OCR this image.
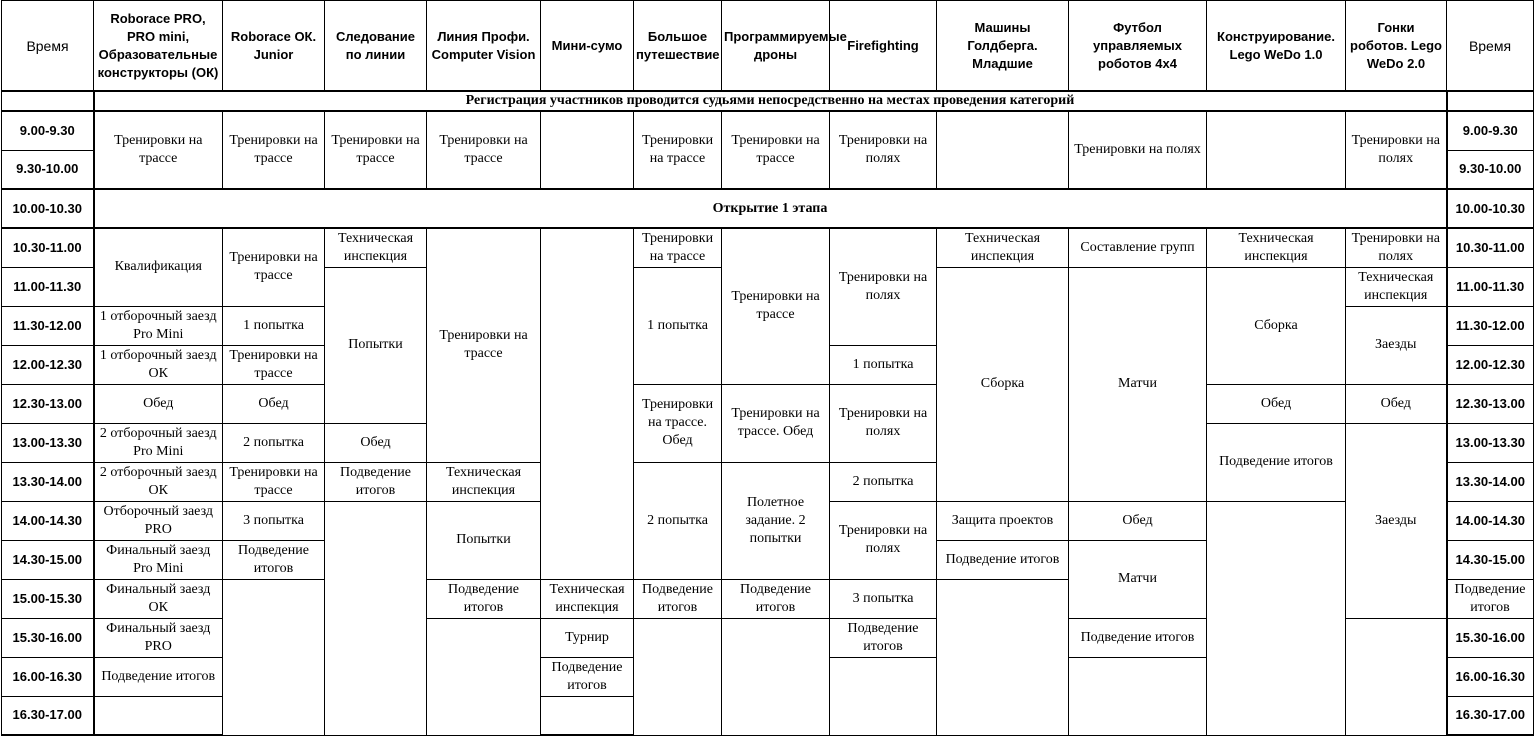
Время	Roborace PRO, PRO mini, Образовательные конструкторы (ОК)	Roborace ОК. Junior	Следование по линии	Линия Профи. Computer Vision	Мини-сумо	Большое путешествие	Программируемые дроны	Firefighting	Машины Голдберга. Младшие	Футбол управляемых роботов 4x4	Конструирование. Lego WeDo 1.0	Гонки роботов. Lego WeDo 2.0	Время	
	Регистрация участников проводится судьями непосредственно на местах проведения категорий													
9.00-9.30	Тренировки на трассе	Тренировки на трассе	Тренировки на трассе	Тренировки на трассе		Тренировки на трассе	Тренировки на трассе	Тренировки на полях		Тренировки на полях		Тренировки на полях	9.00-9.30	
9.30-10.00													9.30-10.00	
10.00-10.30	Открытие 1 этапа												10.00-10.30	
10.30-11.00	Квалификация	Тренировки на трассе	Техническая инспекция	Тренировки на трассе		Тренировки на трассе	Тренировки на трассе	Тренировки на полях	Техническая инспекция	Составление групп	Техническая инспекция	Тренировки на полях	10.30-11.00	
11.00-11.30			Попытки			1 попытка			Сборка	Матчи	Сборка	Техническая инспекция	11.00-11.30	
11.30-12.00	1 отборочный заезд Pro Mini	1 попытка										Заезды	11.30-12.00	
12.00-12.30	1 отборочный заезд ОК	Тренировки на трассе						1 попытка					12.00-12.30	
12.30-13.00	Обед	Обед				Тренировки на трассе. Обед	Тренировки на трассе. Обед	Тренировки на полях			Обед	Обед	12.30-13.00	
13.00-13.30	2 отборочный заезд Pro Mini	2 попытка	Обед								Подведение итогов	Заезды	13.00-13.30	
13.30-14.00	2 отборочный заезд ОК	Тренировки на трассе	Подведение итогов	Техническая инспекция		2 попытка	Полетное задание. 2 попытки	2 попытка					13.30-14.00	
14.00-14.30	Отборочный заезд PRO	3 попытка		Попытки				Тренировки на полях	Защита проектов	Обед			14.00-14.30	
14.30-15.00	Финальный заезд Pro Mini	Подведение итогов							Подведение итогов	Матчи			14.30-15.00	
15.00-15.30	Финальный заезд ОК			Подведение итогов	Техническая инспекция	Подведение итогов	Подведение итогов	3 попытка					Подведение итогов	
15.30-16.00	Финальный заезд PRO				Турнир			Подведение итогов		Подведение итогов			15.30-16.00	
16.00-16.30	Подведение итогов				Подведение итогов								16.00-16.30	
16.30-17.00													16.30-17.00	
